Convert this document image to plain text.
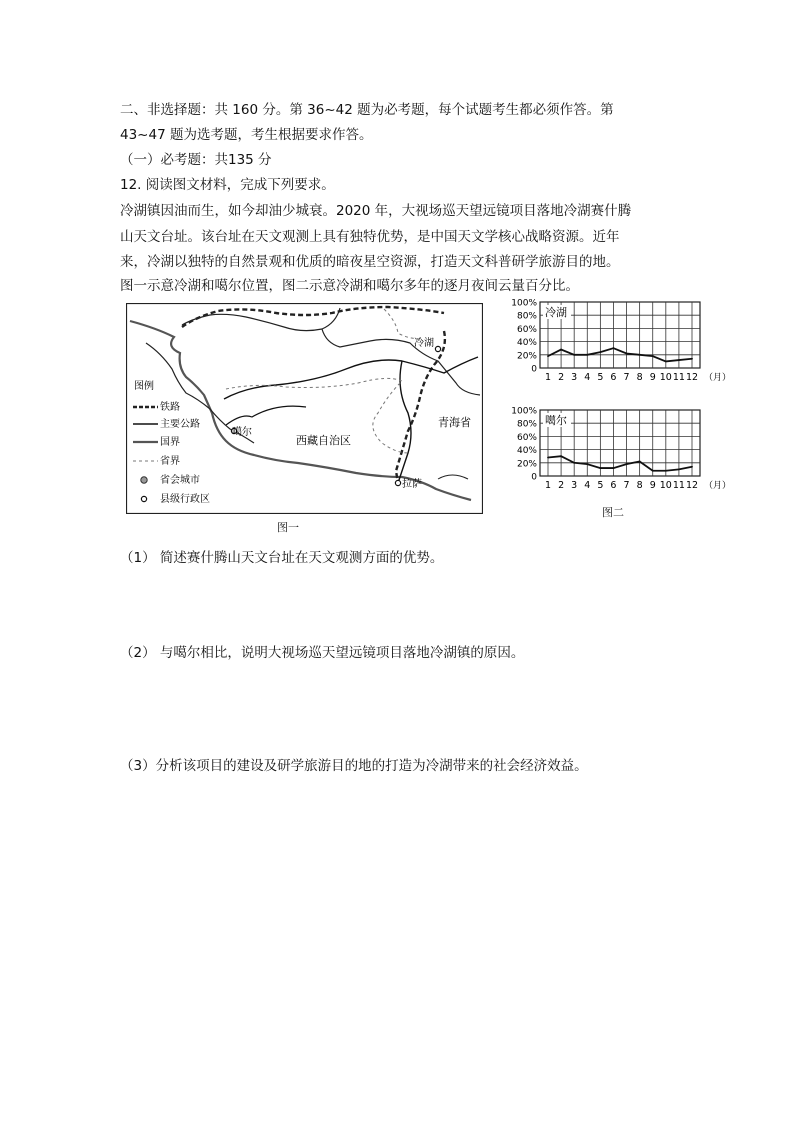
二、非选择题：共 160 分。第 36~42 题为必考题，每个试题考生都必须作答。第
43~47 题为选考题，考生根据要求作答。
（一）必考题：共135 分
12. 阅读图文材料，完成下列要求。
冷湖镇因油而生，如今却油少城衰。2020 年，大视场巡天望远镜项目落地冷湖赛什腾
山天文台址。该台址在天文观测上具有独特优势，是中国天文学核心战略资源。近年
来，冷湖以独特的自然景观和优质的暗夜星空资源，打造天文科普研学旅游目的地。
图一示意冷湖和噶尔位置，图二示意冷湖和噶尔多年的逐月夜间云量百分比。
冷湖
噶尔
西藏自治区
青海省
拉萨
图例
铁路
主要公路
国界
省界
省会城市
县级行政区
图一
100%
80%
60%
40%
20%
0
1 2 3 4 5 6 7 8 9 10 11 12 （月）
冷湖
100%
80%
60%
40%
20%
0
1 2 3 4 5 6 7 8 9 10 11 12 （月）
噶尔
图二
（1） 简述赛什腾山天文台址在天文观测方面的优势。
（2） 与噶尔相比，说明大视场巡天望远镜项目落地冷湖镇的原因。
（3）分析该项目的建设及研学旅游目的地的打造为冷湖带来的社会经济效益。
